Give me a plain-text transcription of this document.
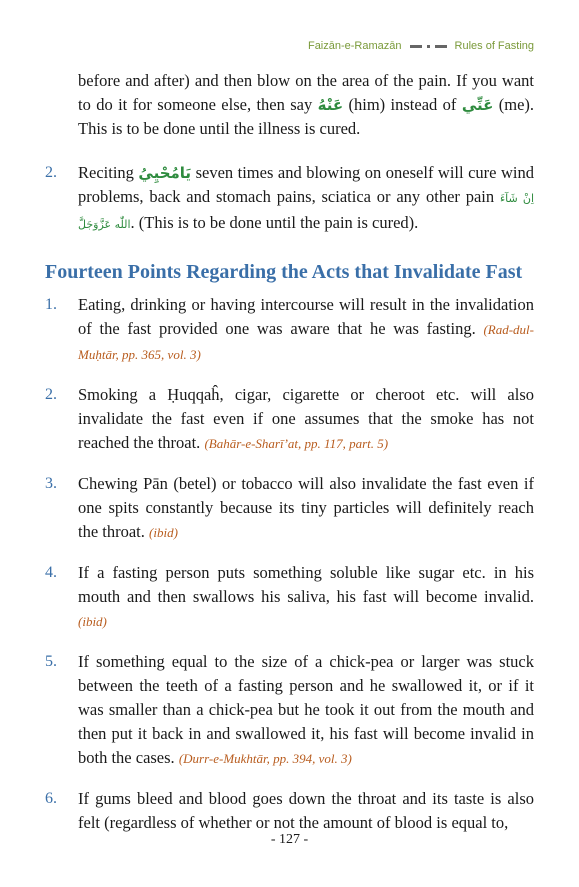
Faizān-e-Ramazān	Rules of Fasting

before and after) and then blow on the area of the pain. If you want to do it for someone else, then say عَنْهُ (him) instead of عَنِّي (me). This is to be done until the illness is cured.

2. Reciting يَامُحْيِيُ seven times and blowing on oneself will cure wind problems, back and stomach pains, sciatica or any other pain اِنْ شَآءَ اللّٰه عَزَّوَجَلَّ. (This is to be done until the pain is cured).

Fourteen Points Regarding the Acts that Invalidate Fast

1. Eating, drinking or having intercourse will result in the invalidation of the fast provided one was aware that he was fasting. (Rad-dul-Muḥtār, pp. 365, vol. 3)

2. Smoking a Ḥuqqaĥ, cigar, cigarette or cheroot etc. will also invalidate the fast even if one assumes that the smoke has not reached the throat. (Bahār-e-Sharī’at, pp. 117, part. 5)

3. Chewing Pān (betel) or tobacco will also invalidate the fast even if one spits constantly because its tiny particles will definitely reach the throat. (ibid)

4. If a fasting person puts something soluble like sugar etc. in his mouth and then swallows his saliva, his fast will become invalid. (ibid)

5. If something equal to the size of a chick-pea or larger was stuck between the teeth of a fasting person and he swallowed it, or if it was smaller than a chick-pea but he took it out from the mouth and then put it back in and swallowed it, his fast will become invalid in both the cases. (Durr-e-Mukhtār, pp. 394, vol. 3)

6. If gums bleed and blood goes down the throat and its taste is also felt (regardless of whether or not the amount of blood is equal to,

- 127 -
